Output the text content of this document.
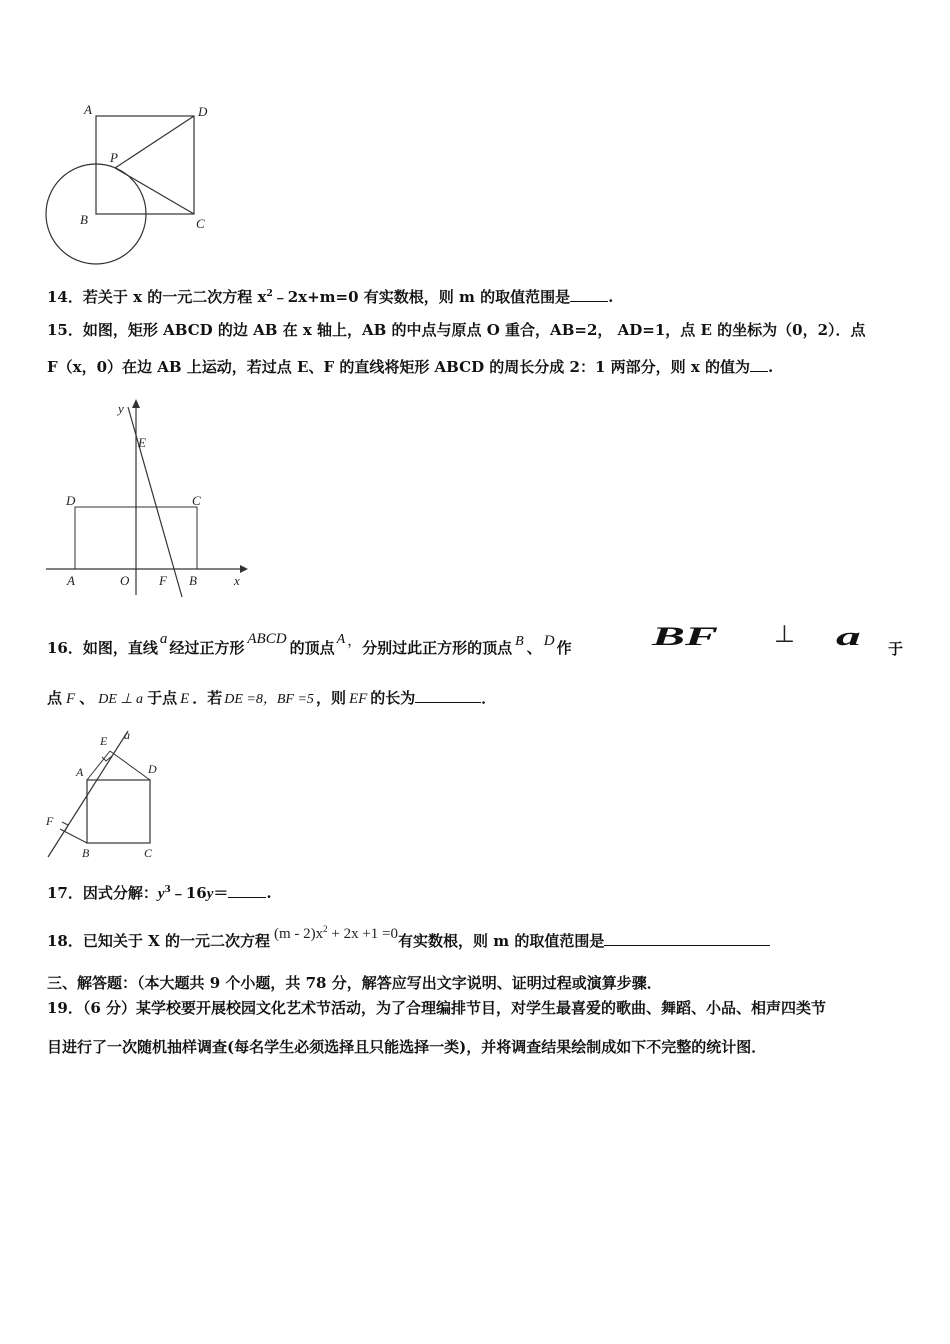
A	D
P
B	C
14．若关于 x 的一元二次方程 $x^2﹣2x+m=0$ 有实数根，则 m 的取值范围是	.
15．如图，矩形 ABCD 的边 AB 在 x 轴上，AB 的中点与原点 O 重合，AB=2， AD=1，点 E 的坐标为（0，2）．点
F（x，0）在边 AB 上运动，若过点 E、F 的直线将矩形 ABCD 的周长分成 2：1 两部分，则 x 的值为 .
y
E
D	C
A	O F B	x
16．如图，直线 a 经过正方形 ABCD 的顶点 A ，分别过此正方形的顶点 B 、 D 作	BF ⊥ a 于
点 F 、 DE ⊥ a 于点 E ．若 DE =8，BF =5 ，则 EF 的长为	．
E a
A	D
F
B	C
17．因式分解：$y^3﹣16y=$	.
18．已知关于 X 的一元二次方程 $(m - 2)x^2 + 2x +1 =0$有实数根，则 m 的取值范围是
三、解答题：（本大题共 9 个小题，共 78 分，解答应写出文字说明、证明过程或演算步骤．
19．（6 分）某学校要开展校园文化艺术节活动，为了合理编排节目，对学生最喜爱的歌曲、舞蹈、小品、相声四类节
目进行了一次随机抽样调查(每名学生必须选择且只能选择一类)，并将调查结果绘制成如下不完整的统计图．
